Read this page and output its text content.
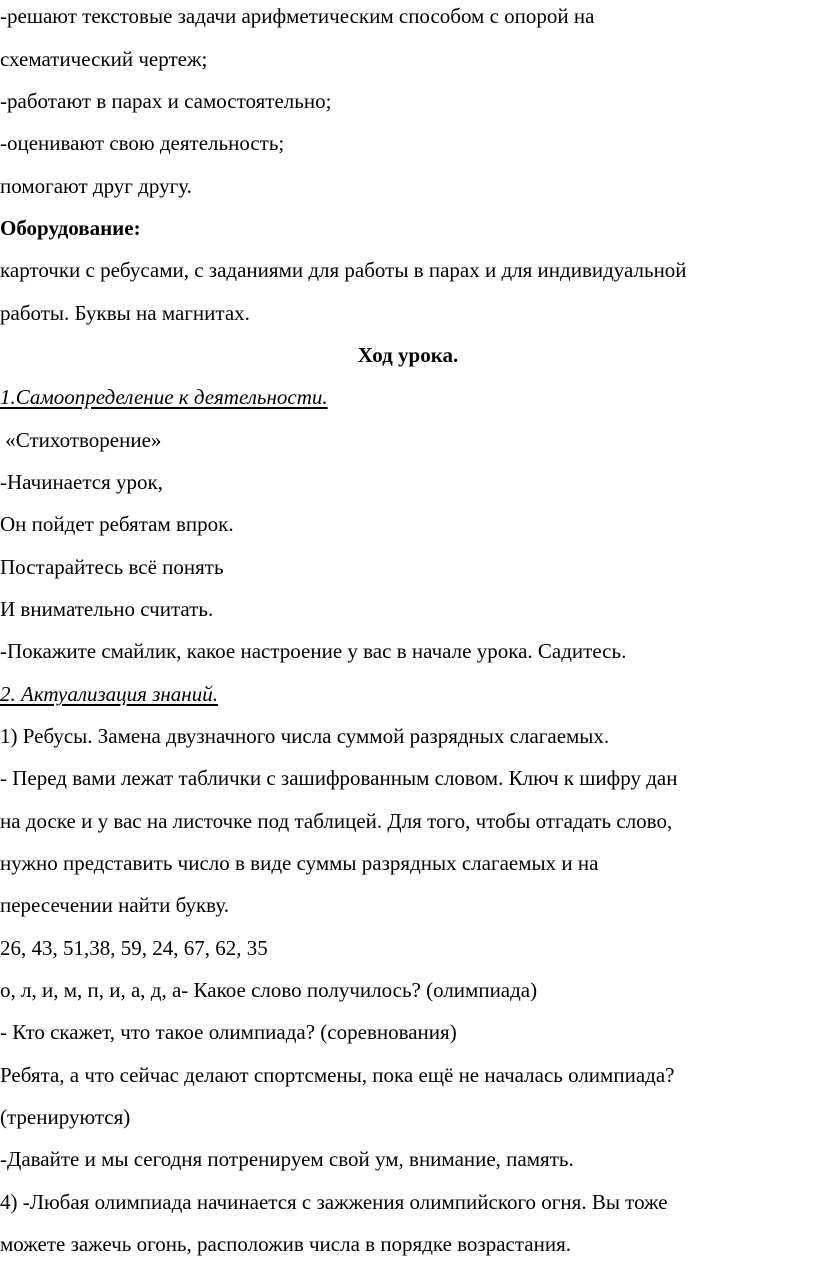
-решают текстовые задачи арифметическим способом с опорой на
схематический чертеж;
-работают в парах и самостоятельно;
-оценивают свою деятельность;
помогают друг другу.
Оборудование:
карточки с ребусами, с заданиями для работы в парах и для индивидуальной
работы. Буквы на магнитах.
Ход урока.
1.Самоопределение к деятельности.
«Стихотворение»
-Начинается урок,
Он пойдет ребятам впрок.
Постарайтесь всё понять
И внимательно считать.
-Покажите смайлик, какое настроение у вас в начале урока. Садитесь.
2. Актуализация знаний.
1) Ребусы. Замена двузначного числа суммой разрядных слагаемых.
- Перед вами лежат таблички с зашифрованным словом. Ключ к шифру дан
на доске и у вас на листочке под таблицей. Для того, чтобы отгадать слово,
нужно представить число в виде суммы разрядных слагаемых и на
пересечении найти букву.
26, 43, 51,38, 59, 24, 67, 62, 35
о, л, и, м, п, и, а, д, а- Какое слово получилось? (олимпиада)
- Кто скажет, что такое олимпиада? (соревнования)
Ребята, а что сейчас делают спортсмены, пока ещё не началась олимпиада?
(тренируются)
-Давайте и мы сегодня потренируем свой ум, внимание, память.
4) -Любая олимпиада начинается с зажжения олимпийского огня. Вы тоже
можете зажечь огонь, расположив числа в порядке возрастания.
